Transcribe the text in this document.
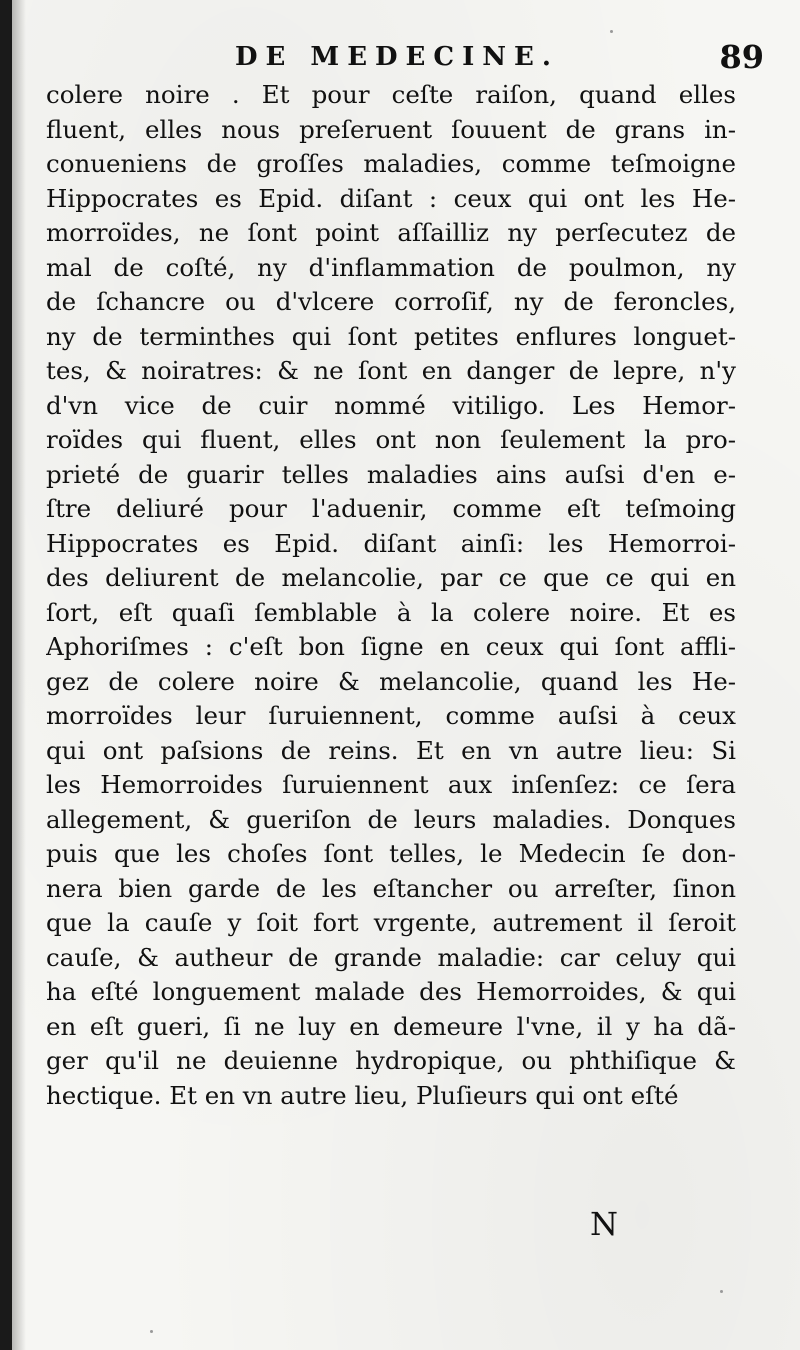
DE MEDECINE.	89
colere noire . Et pour ceſte raiſon, quand elles
fluent, elles nous preſeruent ſouuent de grans in-
conueniens de groſſes maladies, comme teſmoigne
Hippocrates es Epid. diſant : ceux qui ont les He-
morroïdes, ne ſont point aſſailliz ny perſecutez de
mal de coſté, ny d'inflammation de poulmon, ny
de ſchancre ou d'vlcere corroſif, ny de feroncles,
ny de terminthes qui ſont petites enflures longuet-
tes, & noiratres: & ne ſont en danger de lepre, n'y
d'vn vice de cuir nommé vitiligo. Les Hemor-
roïdes qui fluent, elles ont non ſeulement la pro-
prieté de guarir telles maladies ains auſsi d'en e-
ſtre deliuré pour l'aduenir, comme eſt teſmoing
Hippocrates es Epid. diſant ainſi: les Hemorroi-
des deliurent de melancolie, par ce que ce qui en
ſort, eſt quaſi ſemblable à la colere noire. Et es
Aphoriſmes : c'eſt bon ſigne en ceux qui ſont affli-
gez de colere noire & melancolie, quand les He-
morroïdes leur ſuruiennent, comme auſsi à ceux
qui ont paſsions de reins. Et en vn autre lieu: Si
les Hemorroides ſuruiennent aux inſenſez: ce ſera
allegement, & gueriſon de leurs maladies. Donques
puis que les choſes ſont telles, le Medecin ſe don-
nera bien garde de les eſtancher ou arreſter, ſinon
que la cauſe y ſoit fort vrgente, autrement il ſeroit
cauſe, & autheur de grande maladie: car celuy qui
ha eſté longuement malade des Hemorroides, & qui
en eſt gueri, ſi ne luy en demeure l'vne, il y ha dã-
ger qu'il ne deuienne hydropique, ou phthiſique &
hectique. Et en vn autre lieu, Pluſieurs qui ont eſté
N
